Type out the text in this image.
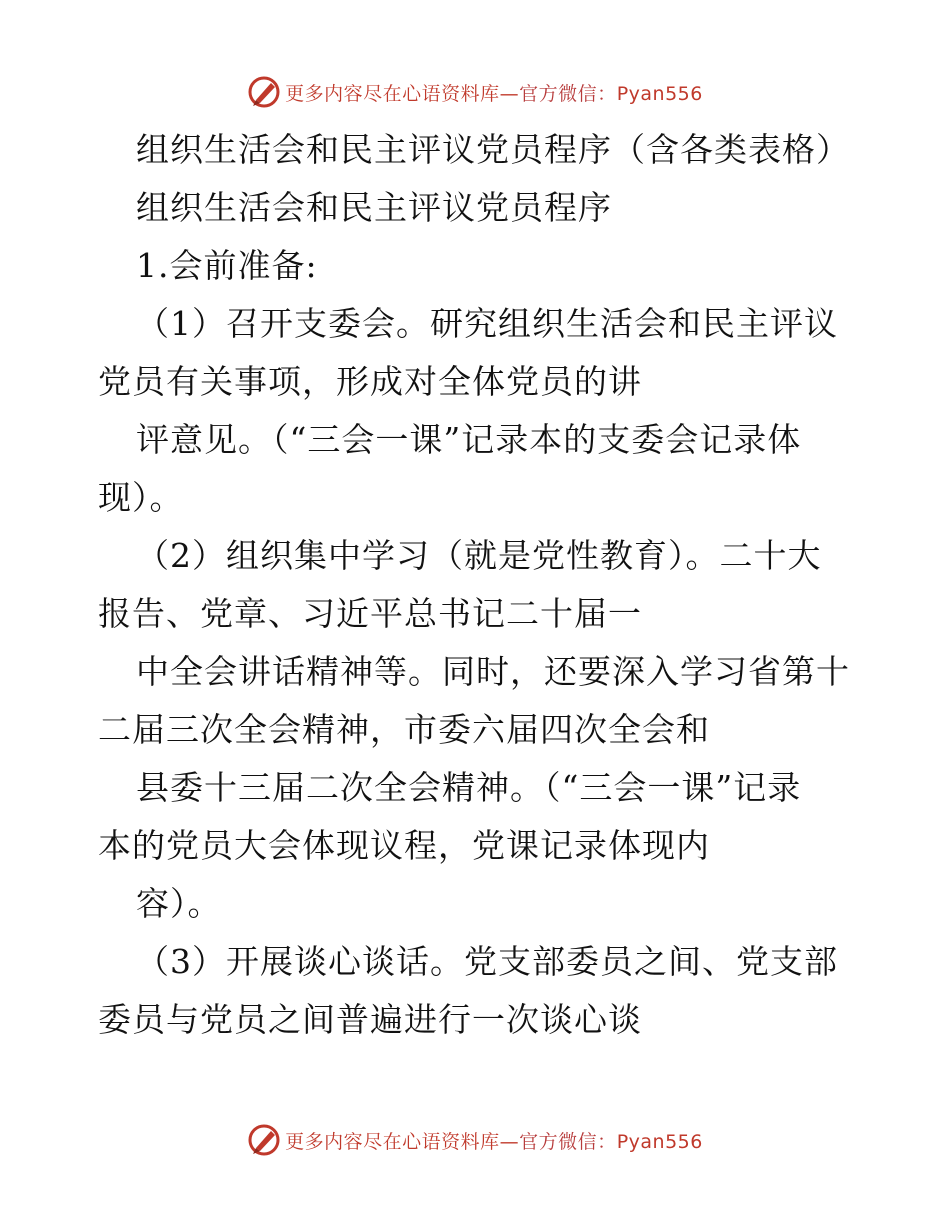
更多内容尽在心语资料库—官方微信：Pyan556
组织生活会和民主评议党员程序（含各类表格）
组织生活会和民主评议党员程序
1.会前准备:
（1）召开支委会。研究组织生活会和民主评议
党员有关事项，形成对全体党员的讲
评意见。（“三会一课”记录本的支委会记录体
现）。
（2）组织集中学习（就是党性教育）。二十大
报告、党章、习近平总书记二十届一
中全会讲话精神等。同时，还要深入学习省第十
二届三次全会精神，市委六届四次全会和
县委十三届二次全会精神。（“三会一课”记录
本的党员大会体现议程，党课记录体现内
容）。
（3）开展谈心谈话。党支部委员之间、党支部
委员与党员之间普遍进行一次谈心谈
更多内容尽在心语资料库—官方微信：Pyan556
